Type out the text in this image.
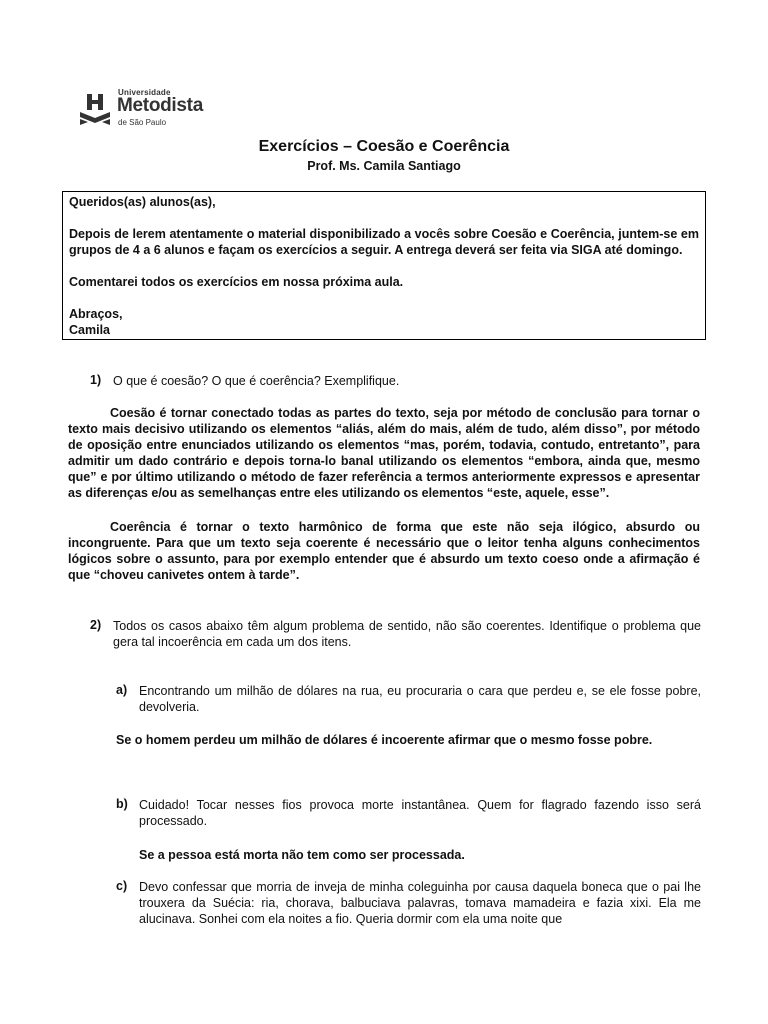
Universidade
Metodista
de São Paulo
Exercícios – Coesão e Coerência
Prof. Ms. Camila Santiago

Queridos(as) alunos(as),

Depois de lerem atentamente o material disponibilizado a vocês sobre Coesão e Coerência, juntem-se em grupos de 4 a 6 alunos e façam os exercícios a seguir. A entrega deverá ser feita via SIGA até domingo.

Comentarei todos os exercícios em nossa próxima aula.

Abraços,

Camila

1) O que é coesão? O que é coerência? Exemplifique.

Coesão é tornar conectado todas as partes do texto, seja por método de conclusão para tornar o texto mais decisivo utilizando os elementos “aliás, além do mais, além de tudo, além disso”, por método de oposição entre enunciados utilizando os elementos “mas, porém, todavia, contudo, entretanto”, para admitir um dado contrário e depois torna-lo banal utilizando os elementos “embora, ainda que, mesmo que” e por último utilizando o método de fazer referência a termos anteriormente expressos e apresentar as diferenças e/ou as semelhanças entre eles utilizando os elementos “este, aquele, esse”.

Coerência é tornar o texto harmônico de forma que este não seja ilógico, absurdo ou incongruente. Para que um texto seja coerente é necessário que o leitor tenha alguns conhecimentos lógicos sobre o assunto, para por exemplo entender que é absurdo um texto coeso onde a afirmação é que “choveu canivetes ontem à tarde”.

2) Todos os casos abaixo têm algum problema de sentido, não são coerentes. Identifique o problema que gera tal incoerência em cada um dos itens.

a) Encontrando um milhão de dólares na rua, eu procuraria o cara que perdeu e, se ele fosse pobre, devolveria.

Se o homem perdeu um milhão de dólares é incoerente afirmar que o mesmo fosse pobre.

b) Cuidado! Tocar nesses fios provoca morte instantânea. Quem for flagrado fazendo isso será processado.

Se a pessoa está morta não tem como ser processada.

c) Devo confessar que morria de inveja de minha coleguinha por causa daquela boneca que o pai lhe trouxera da Suécia: ria, chorava, balbuciava palavras, tomava mamadeira e fazia xixi. Ela me alucinava. Sonhei com ela noites a fio. Queria dormir com ela uma noite que
